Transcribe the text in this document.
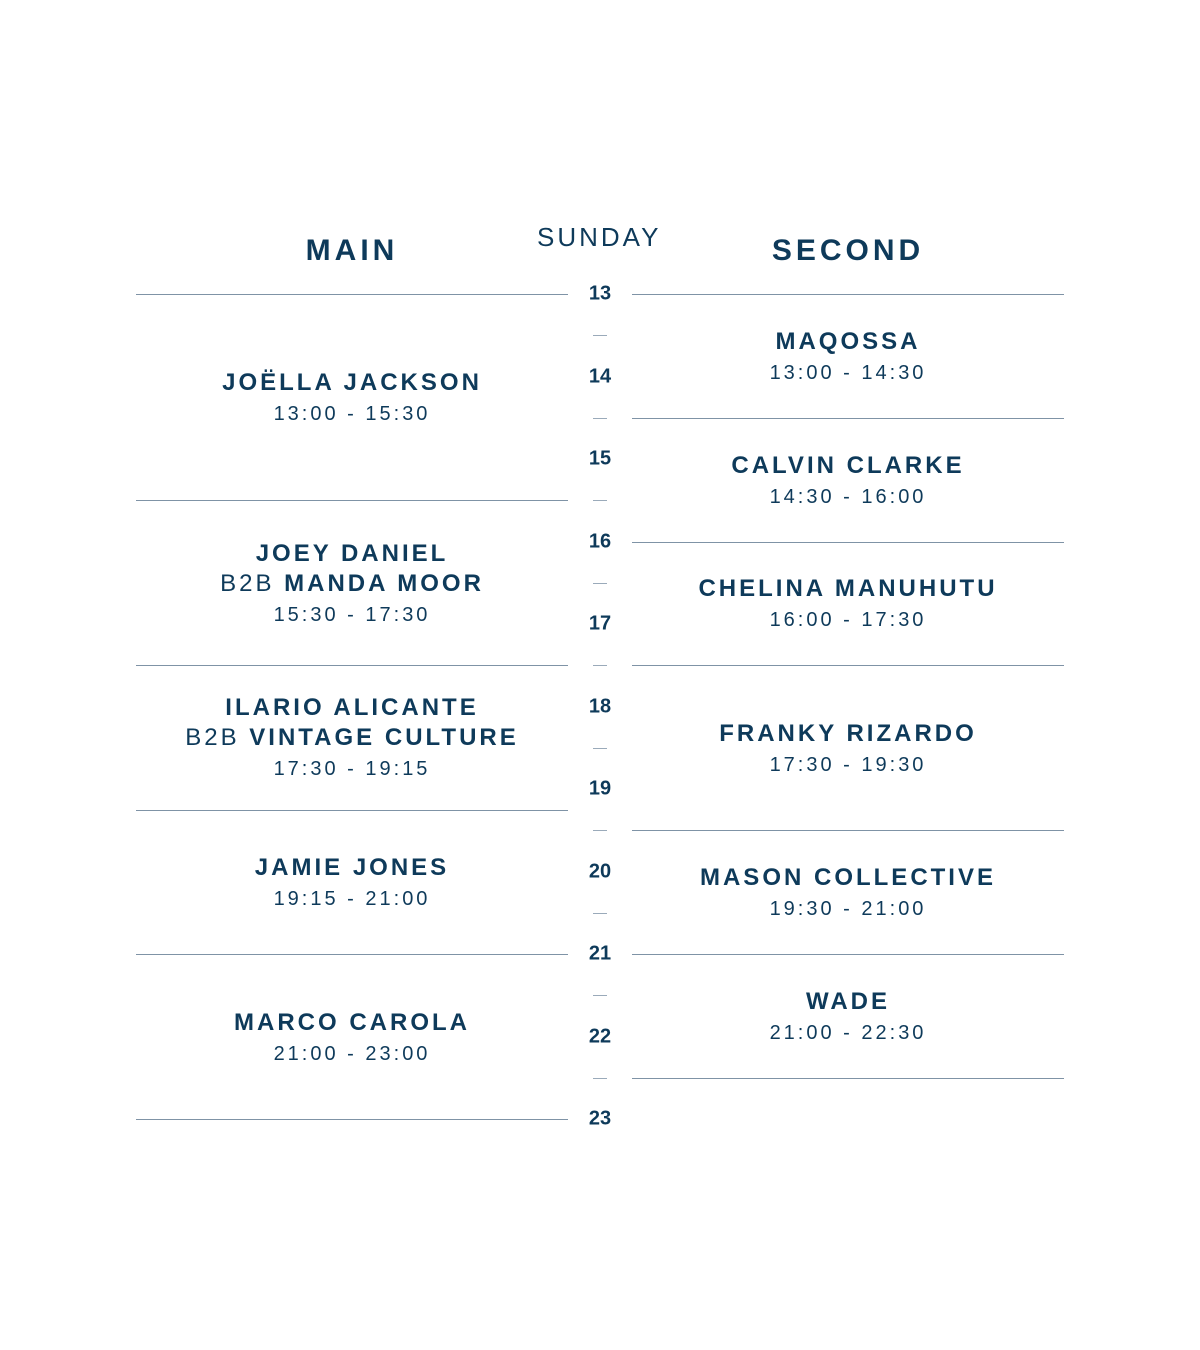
SUNDAY
MAIN	SECOND
13
14
15
16
17
18
19
20
21
22
23
JOËLLA JACKSON
13:00 - 15:30
JOEY DANIEL
B2B MANDA MOOR
15:30 - 17:30
ILARIO ALICANTE
B2B VINTAGE CULTURE
17:30 - 19:15
JAMIE JONES
19:15 - 21:00
MARCO CAROLA
21:00 - 23:00
MAQOSSA
13:00 - 14:30
CALVIN CLARKE
14:30 - 16:00
CHELINA MANUHUTU
16:00 - 17:30
FRANKY RIZARDO
17:30 - 19:30
MASON COLLECTIVE
19:30 - 21:00
WADE
21:00 - 22:30
